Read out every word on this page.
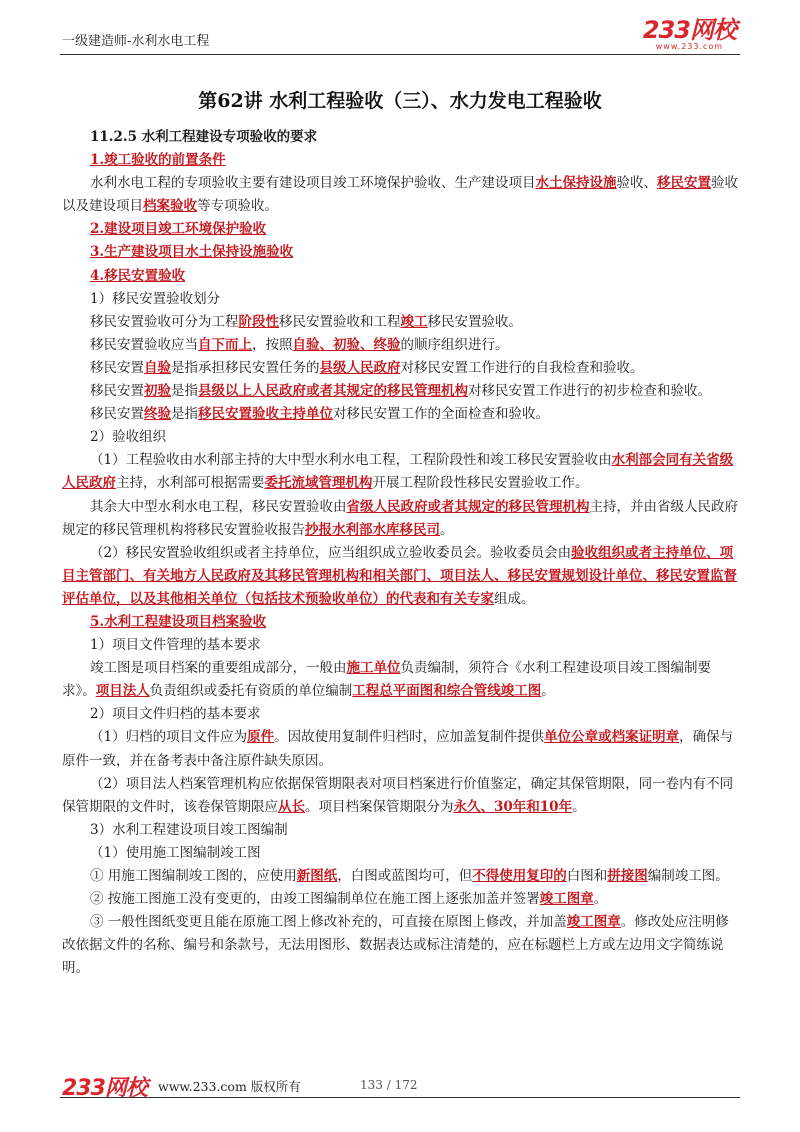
一级建造师-水利水电工程	233网校
www.233.com
第62讲 水利工程验收（三）、水力发电工程验收

11.2.5 水利工程建设专项验收的要求

1.竣工验收的前置条件

水利水电工程的专项验收主要有建设项目竣工环境保护验收、生产建设项目水土保持设施验收、移民安置验收以及建设项目档案验收等专项验收。

2.建设项目竣工环境保护验收

3.生产建设项目水土保持设施验收

4.移民安置验收

1）移民安置验收划分

移民安置验收可分为工程阶段性移民安置验收和工程竣工移民安置验收。

移民安置验收应当自下而上，按照自验、初验、终验的顺序组织进行。

移民安置自验是指承担移民安置任务的县级人民政府对移民安置工作进行的自我检查和验收。

移民安置初验是指县级以上人民政府或者其规定的移民管理机构对移民安置工作进行的初步检查和验收。

移民安置终验是指移民安置验收主持单位对移民安置工作的全面检查和验收。

2）验收组织

（1）工程验收由水利部主持的大中型水利水电工程，工程阶段性和竣工移民安置验收由水利部会同有关省级人民政府主持，水利部可根据需要委托流域管理机构开展工程阶段性移民安置验收工作。

其余大中型水利水电工程，移民安置验收由省级人民政府或者其规定的移民管理机构主持，并由省级人民政府规定的移民管理机构将移民安置验收报告抄报水利部水库移民司。

（2）移民安置验收组织或者主持单位，应当组织成立验收委员会。验收委员会由验收组织或者主持单位、项目主管部门、有关地方人民政府及其移民管理机构和相关部门、项目法人、移民安置规划设计单位、移民安置监督评估单位，以及其他相关单位（包括技术预验收单位）的代表和有关专家组成。

5.水利工程建设项目档案验收

1）项目文件管理的基本要求

竣工图是项目档案的重要组成部分，一般由施工单位负责编制，须符合《水利工程建设项目竣工图编制要求》。项目法人负责组织或委托有资质的单位编制工程总平面图和综合管线竣工图。

2）项目文件归档的基本要求

（1）归档的项目文件应为原件。因故使用复制件归档时，应加盖复制件提供单位公章或档案证明章，确保与原件一致，并在备考表中备注原件缺失原因。

（2）项目法人档案管理机构应依据保管期限表对项目档案进行价值鉴定，确定其保管期限，同一卷内有不同保管期限的文件时，该卷保管期限应从长。项目档案保管期限分为永久、30年和10年。

3）水利工程建设项目竣工图编制

（1）使用施工图编制竣工图

① 用施工图编制竣工图的，应使用新图纸，白图或蓝图均可，但不得使用复印的白图和拼接图编制竣工图。

② 按施工图施工没有变更的，由竣工图编制单位在施工图上逐张加盖并签署竣工图章。

③ 一般性图纸变更且能在原施工图上修改补充的，可直接在原图上修改，并加盖竣工图章。修改处应注明修改依据文件的名称、编号和条款号，无法用图形、数据表达或标注清楚的，应在标题栏上方或左边用文字简练说明。

233网校 www.233.com 版权所有	133 / 172
